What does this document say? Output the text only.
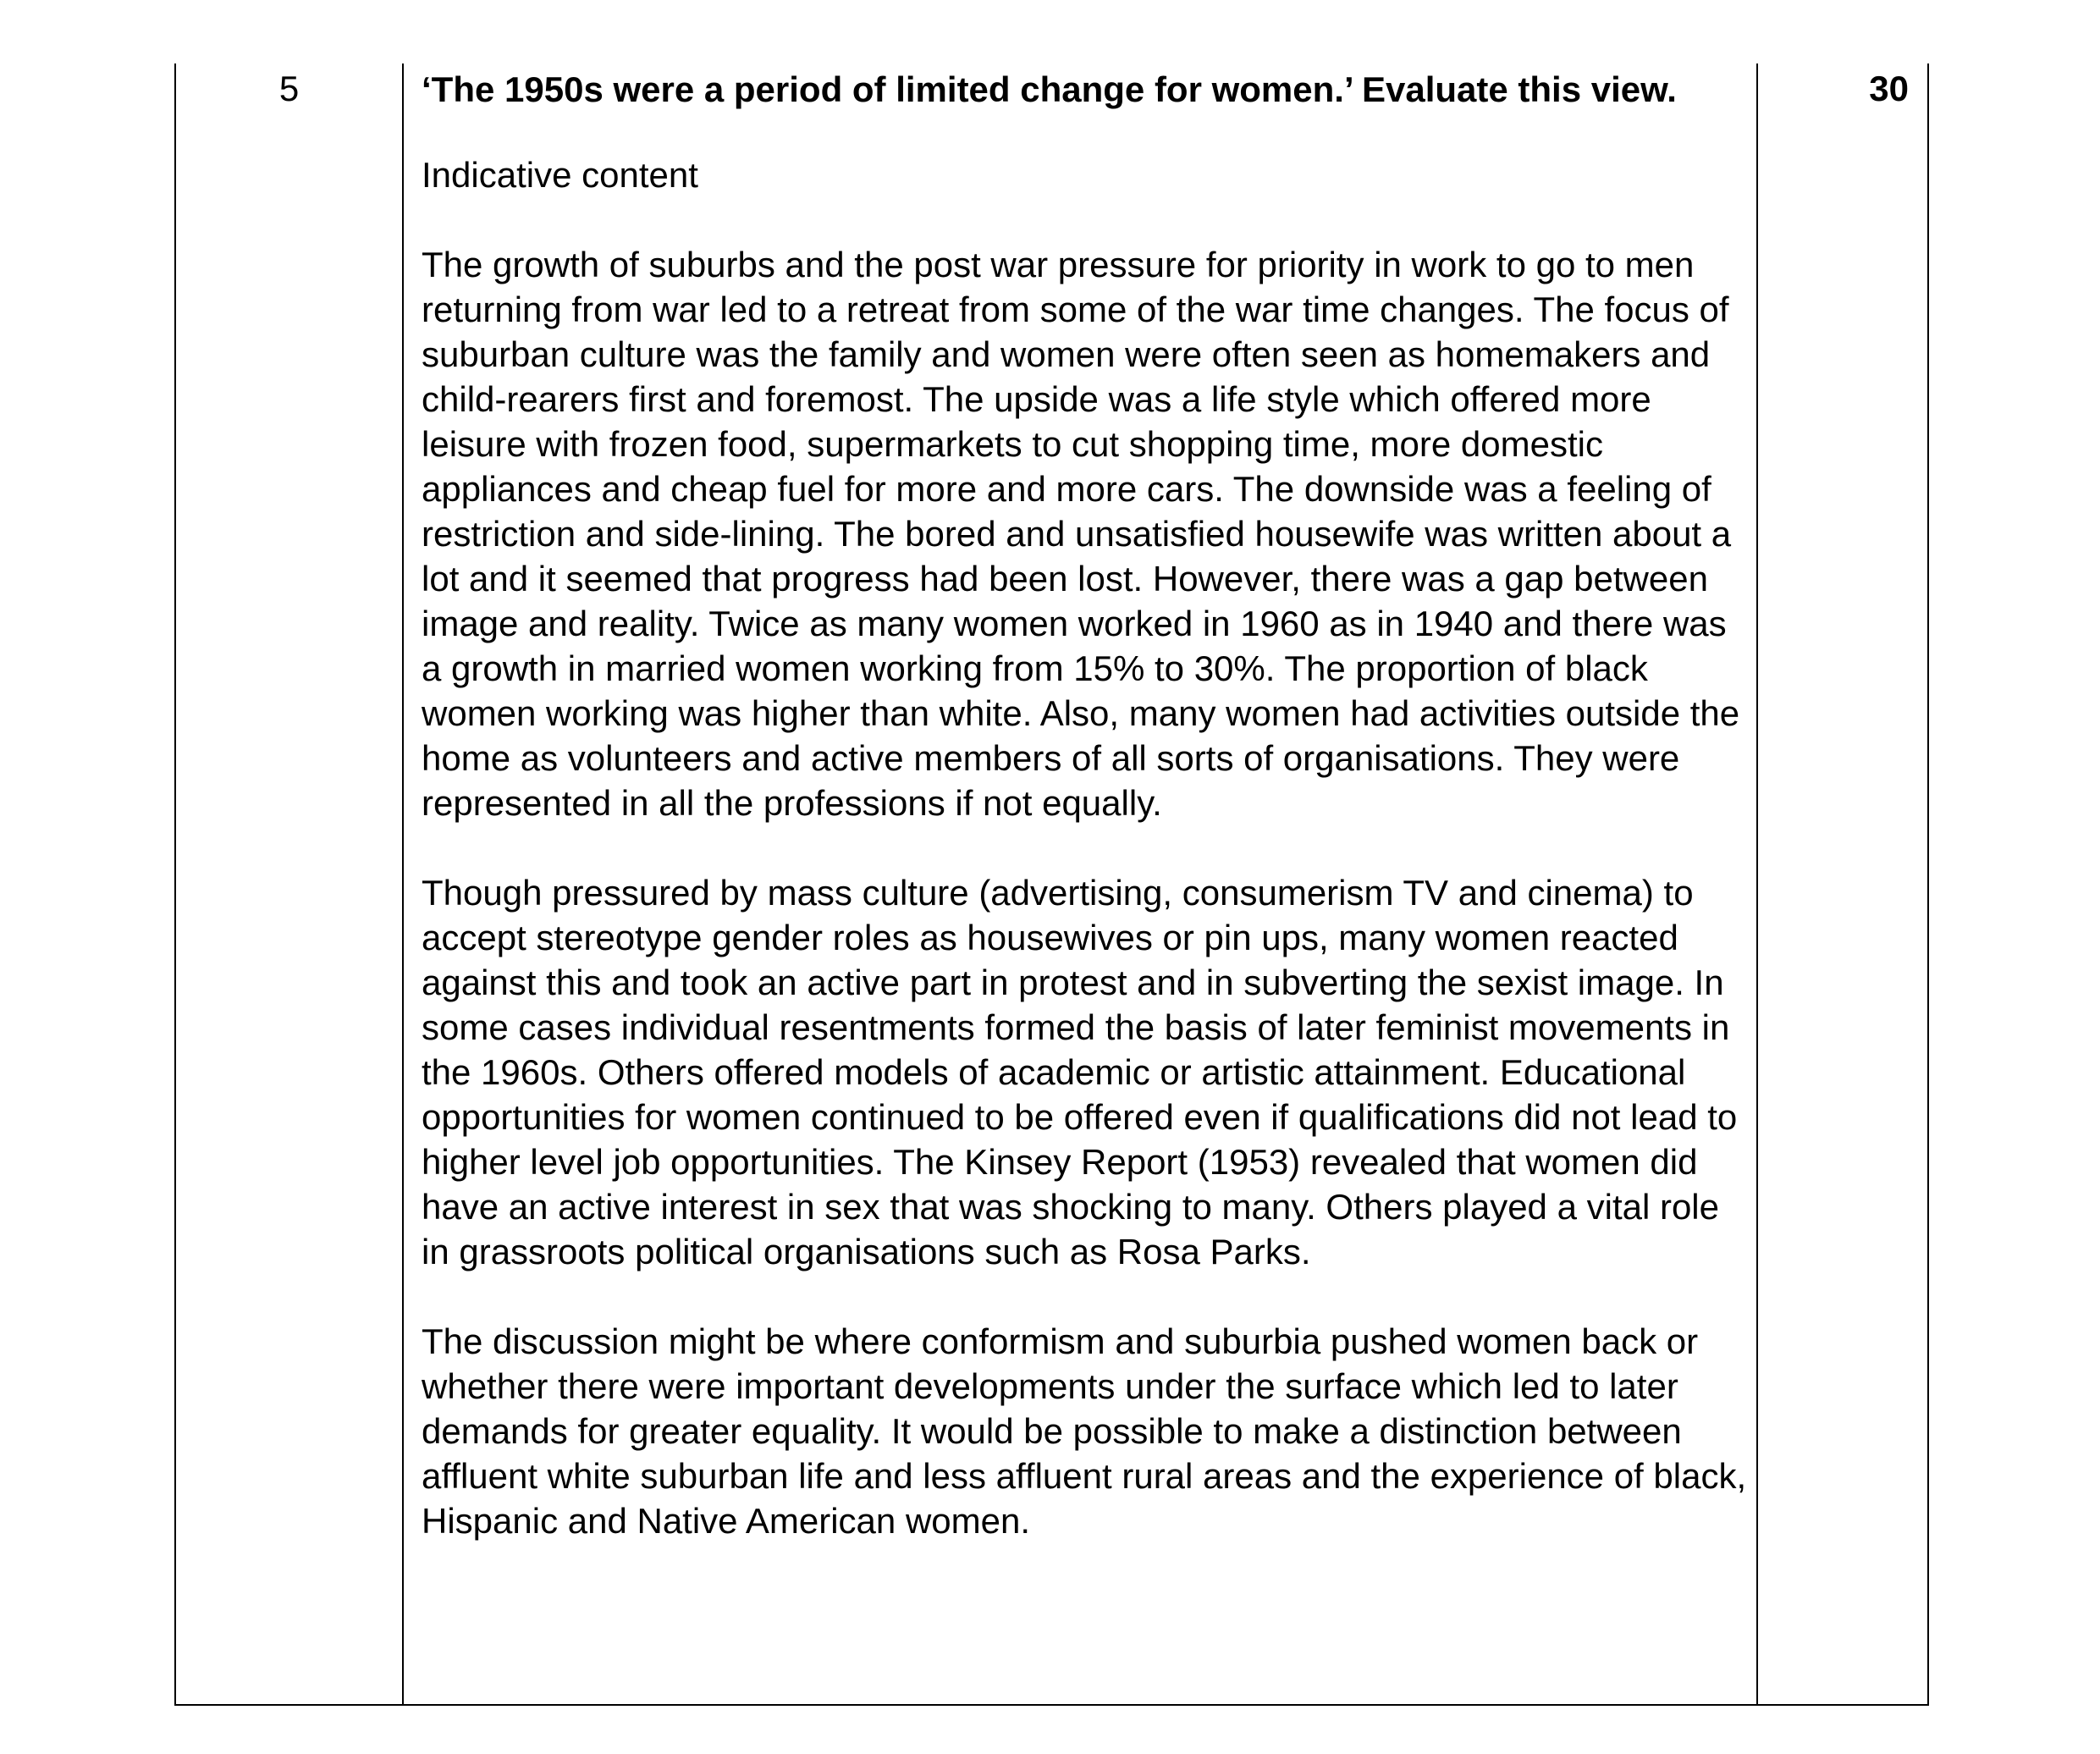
5	‘The 1950s were a period of limited change for women.’ Evaluate this view.

Indicative content

The growth of suburbs and the post war pressure for priority in work to go to men returning from war led to a retreat from some of the war time changes. The focus of suburban culture was the family and women were often seen as homemakers and child-rearers first and foremost. The upside was a life style which offered more leisure with frozen food, supermarkets to cut shopping time, more domestic appliances and cheap fuel for more and more cars. The downside was a feeling of restriction and side-lining. The bored and unsatisfied housewife was written about a lot and it seemed that progress had been lost. However, there was a gap between image and reality. Twice as many women worked in 1960 as in 1940 and there was a growth in married women working from 15% to 30%. The proportion of black women working was higher than white. Also, many women had activities outside the home as volunteers and active members of all sorts of organisations. They were represented in all the professions if not equally.

Though pressured by mass culture (advertising, consumerism TV and cinema) to accept stereotype gender roles as housewives or pin ups, many women reacted against this and took an active part in protest and in subverting the sexist image. In some cases individual resentments formed the basis of later feminist movements in the 1960s. Others offered models of academic or artistic attainment. Educational opportunities for women continued to be offered even if qualifications did not lead to higher level job opportunities. The Kinsey Report (1953) revealed that women did have an active interest in sex that was shocking to many. Others played a vital role in grassroots political organisations such as Rosa Parks.

The discussion might be where conformism and suburbia pushed women back or whether there were important developments under the surface which led to later demands for greater equality. It would be possible to make a distinction between affluent white suburban life and less affluent rural areas and the experience of black, Hispanic and Native American women.

30
